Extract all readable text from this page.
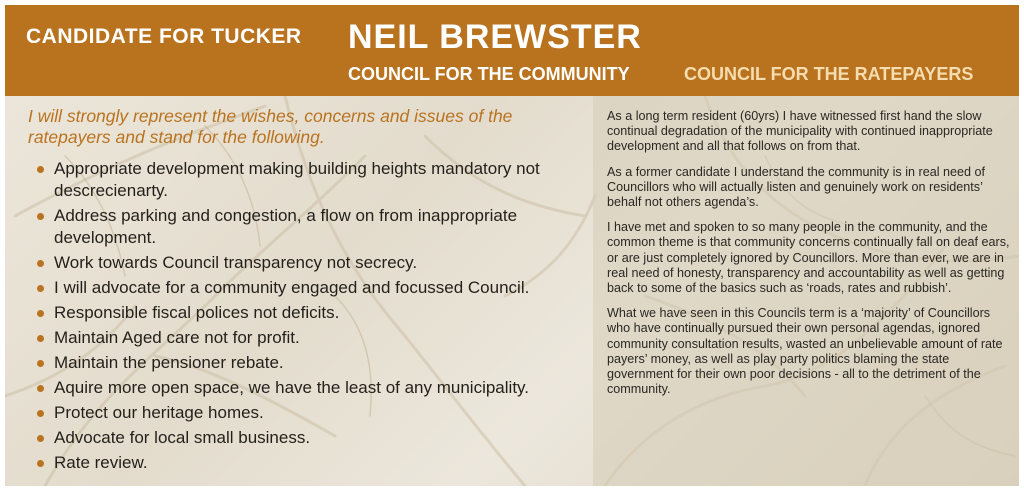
CANDIDATE FOR TUCKER NEIL BREWSTER
COUNCIL FOR THE COMMUNITY	COUNCIL FOR THE RATEPAYERS

I will strongly represent the wishes, concerns and issues of the ratepayers and stand for the following.

Appropriate development making building heights mandatory not descrecienarty.
Address parking and congestion, a flow on from inappropriate development.
Work towards Council transparency not secrecy.
I will advocate for a community engaged and focussed Council.
Responsible fiscal polices not deficits.
Maintain Aged care not for profit.
Maintain the pensioner rebate.
Aquire more open space, we have the least of any municipality.
Protect our heritage homes.
Advocate for local small business.
Rate review.

As a long term resident (60yrs) I have witnessed first hand the slow continual degradation of the municipality with continued inappropriate development and all that follows on from that.

As a former candidate I understand the community is in real need of Councillors who will actually listen and genuinely work on residents’ behalf not others agenda’s.

I have met and spoken to so many people in the community, and the common theme is that community concerns continually fall on deaf ears, or are just completely ignored by Councillors. More than ever, we are in real need of honesty, transparency and accountability as well as getting back to some of the basics such as ‘roads, rates and rubbish’.

What we have seen in this Councils term is a ‘majority’ of Councillors who have continually pursued their own personal agendas, ignored community consultation results, wasted an unbelievable amount of rate payers’ money, as well as play party politics blaming the state government for their own poor decisions - all to the detriment of the community.
